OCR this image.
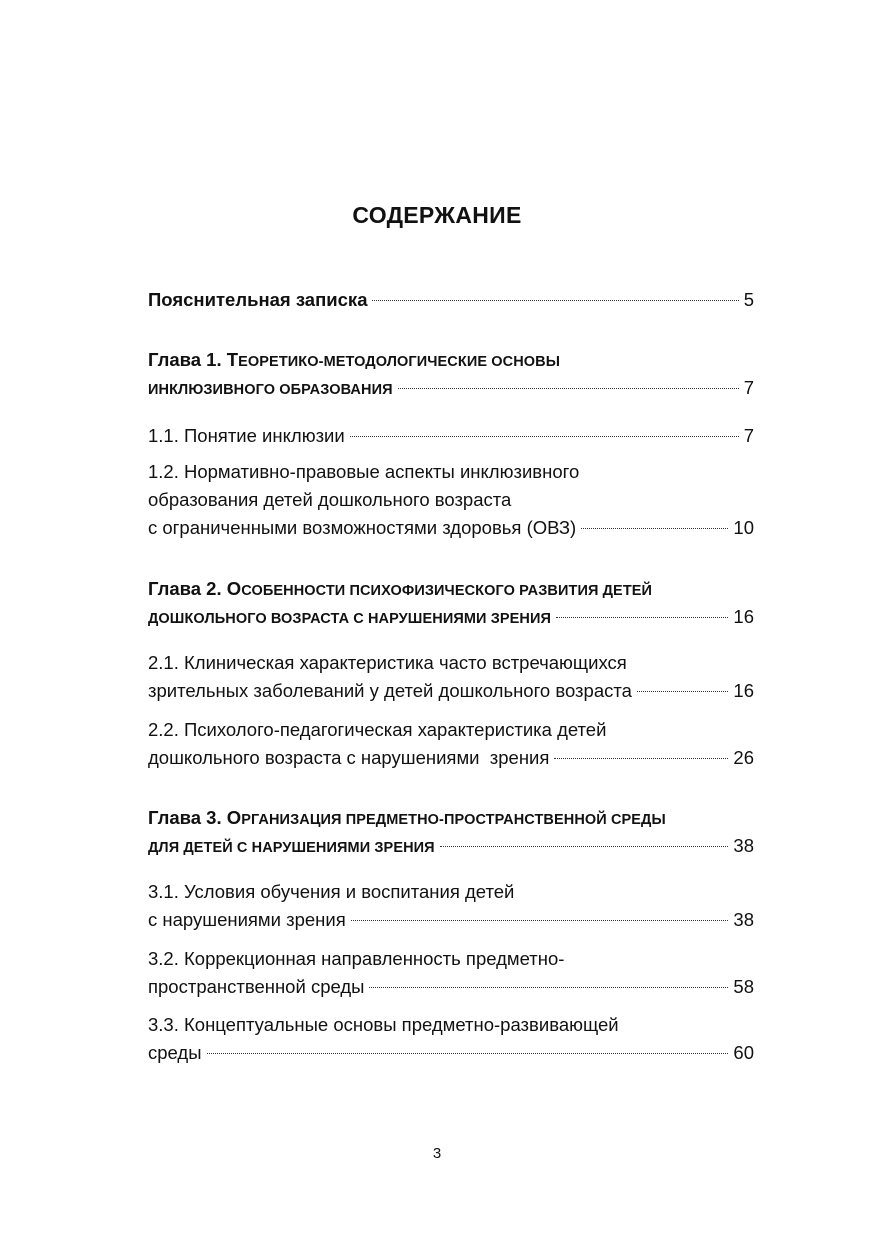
СОДЕРЖАНИЕ
Пояснительная записка	5
Глава 1.
ТЕОРЕТИКО-МЕТОДОЛОГИЧЕСКИЕ ОСНОВЫ
ИНКЛЮЗИВНОГО ОБРАЗОВАНИЯ	7
1.1. Понятие инклюзии	7
1.2. Нормативно-правовые аспекты инклюзивного
образования детей дошкольного возраста
с ограниченными возможностями здоровья (ОВЗ)	10
Глава 2.
ОСОБЕННОСТИ ПСИХОФИЗИЧЕСКОГО РАЗВИТИЯ ДЕТЕЙ
ДОШКОЛЬНОГО ВОЗРАСТА С НАРУШЕНИЯМИ ЗРЕНИЯ	16
2.1. Клиническая характеристика часто встречающихся
зрительных заболеваний у детей дошкольного возраста	16
2.2. Психолого-педагогическая характеристика детей
дошкольного возраста с нарушениями  зрения	26
Глава 3.
ОРГАНИЗАЦИЯ ПРЕДМЕТНО-ПРОСТРАНСТВЕННОЙ СРЕДЫ
ДЛЯ ДЕТЕЙ С НАРУШЕНИЯМИ ЗРЕНИЯ	38
3.1. Условия обучения и воспитания детей
с нарушениями зрения	38
3.2. Коррекционная направленность предметно-
пространственной среды	58
3.3. Концептуальные основы предметно-развивающей
среды	60
3
